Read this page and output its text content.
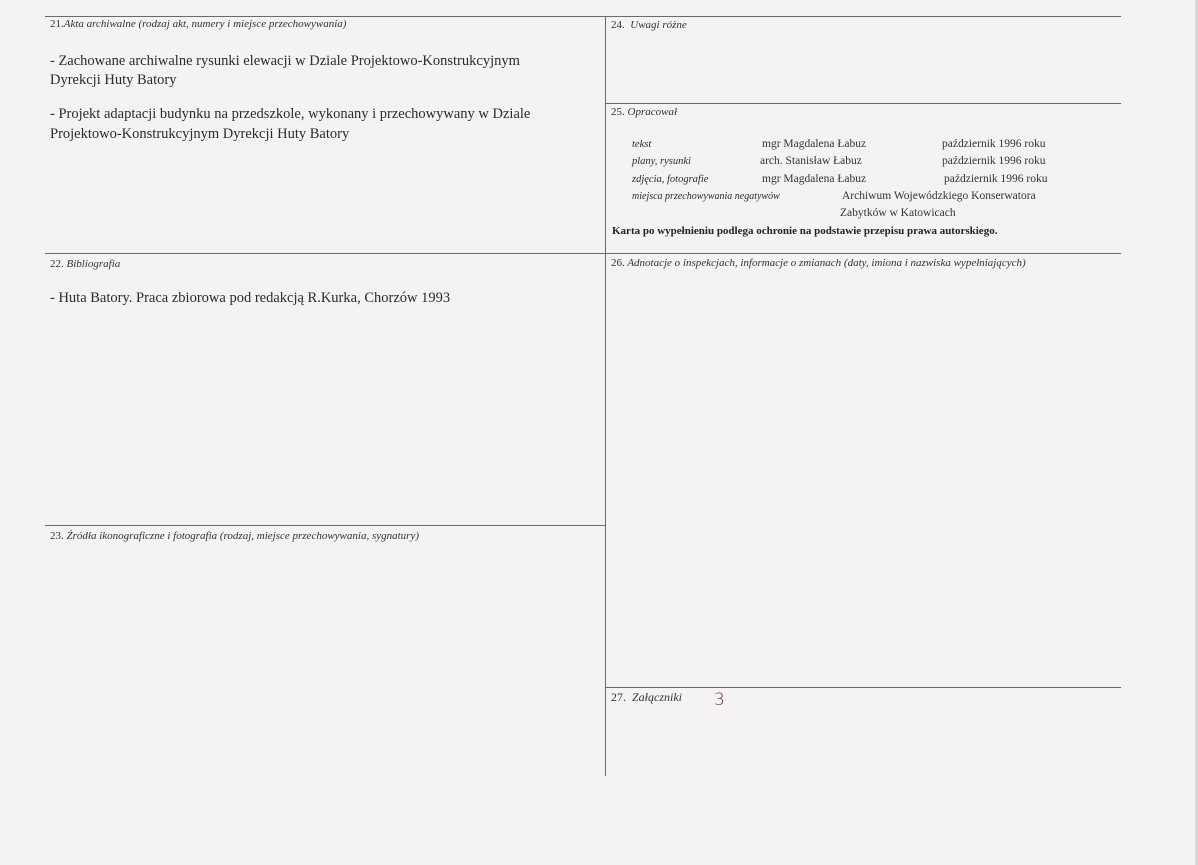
21.Akta archiwalne (rodzaj akt, numery i miejsce przechowywania)
- Zachowane archiwalne rysunki elewacji w Dziale Projektowo-Konstrukcyjnym
Dyrekcji Huty Batory
- Projekt adaptacji budynku na przedszkole, wykonany i przechowywany w Dziale
Projektowo-Konstrukcyjnym Dyrekcji Huty Batory
22. Bibliografia
- Huta Batory. Praca zbiorowa pod redakcją R.Kurka, Chorzów 1993
23. Źródła ikonograficzne i fotografia (rodzaj, miejsce przechowywania, sygnatury)
24. Uwagi różne
25. Opracował
tekst	mgr Magdalena Łabuz	październik 1996 roku
plany, rysunki	arch. Stanisław Łabuz	październik 1996 roku
zdjęcia, fotografie	mgr Magdalena Łabuz	październik 1996 roku
miejsca przechowywania negatywów	Archiwum Wojewódzkiego Konserwatora
Zabytków w Katowicach
Karta po wypełnieniu podlega ochronie na podstawie przepisu prawa autorskiego.
26. Adnotacje o inspekcjach, informacje o zmianach (daty, imiona i nazwiska wypełniających)
27. Załączniki 3
